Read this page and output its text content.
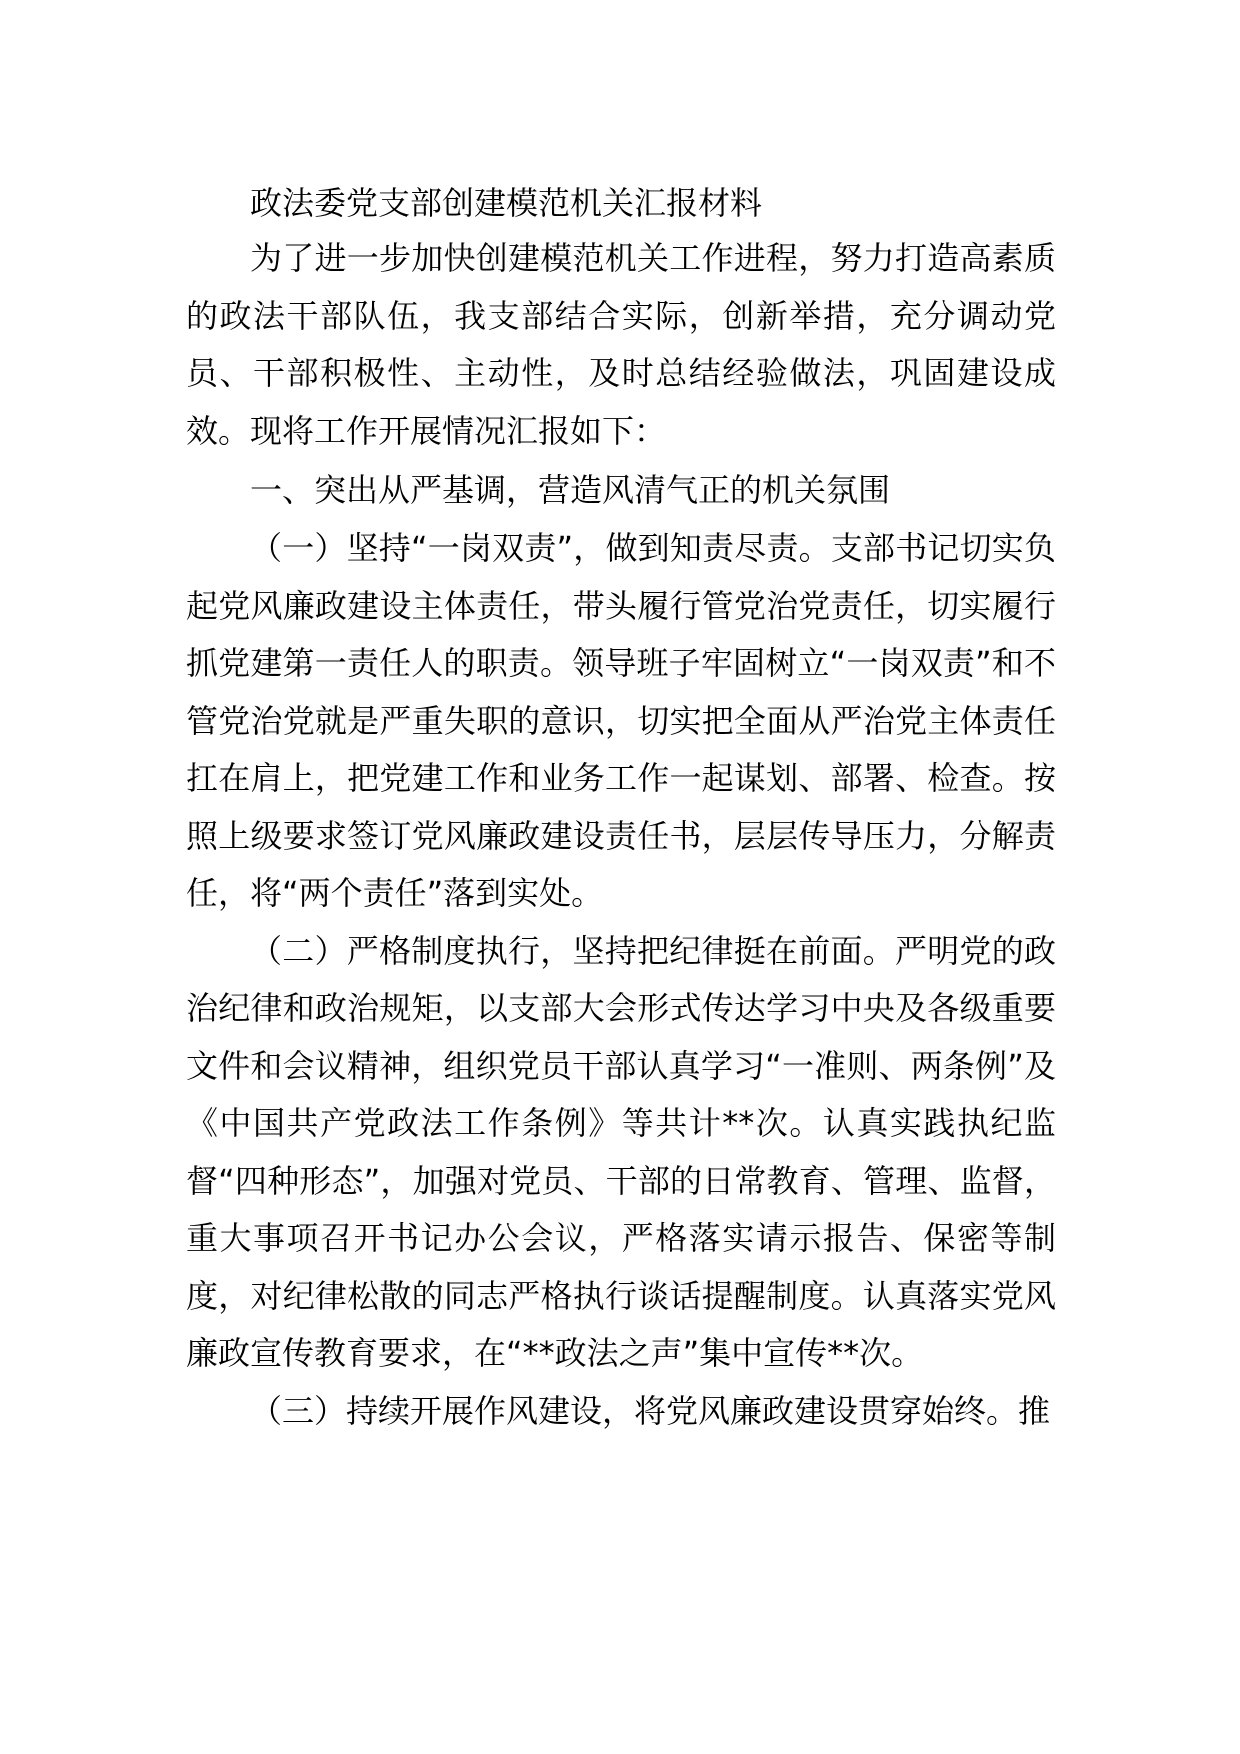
政法委党支部创建模范机关汇报材料

为了进一步加快创建模范机关工作进程，努力打造高素质的政法干部队伍，我支部结合实际，创新举措，充分调动党员、干部积极性、主动性，及时总结经验做法，巩固建设成效。现将工作开展情况汇报如下：

一、突出从严基调，营造风清气正的机关氛围

（一）坚持“一岗双责”，做到知责尽责。支部书记切实负起党风廉政建设主体责任，带头履行管党治党责任，切实履行抓党建第一责任人的职责。领导班子牢固树立“一岗双责”和不管党治党就是严重失职的意识，切实把全面从严治党主体责任扛在肩上，把党建工作和业务工作一起谋划、部署、检查。按照上级要求签订党风廉政建设责任书，层层传导压力，分解责任，将“两个责任”落到实处。

（二）严格制度执行，坚持把纪律挺在前面。严明党的政治纪律和政治规矩，以支部大会形式传达学习中央及各级重要文件和会议精神，组织党员干部认真学习“一准则、两条例”及《中国共产党政法工作条例》等共计**次。认真实践执纪监督“四种形态”，加强对党员、干部的日常教育、管理、监督，重大事项召开书记办公会议，严格落实请示报告、保密等制度，对纪律松散的同志严格执行谈话提醒制度。认真落实党风廉政宣传教育要求，在“**政法之声”集中宣传**次。

（三）持续开展作风建设，将党风廉政建设贯穿始终。推
